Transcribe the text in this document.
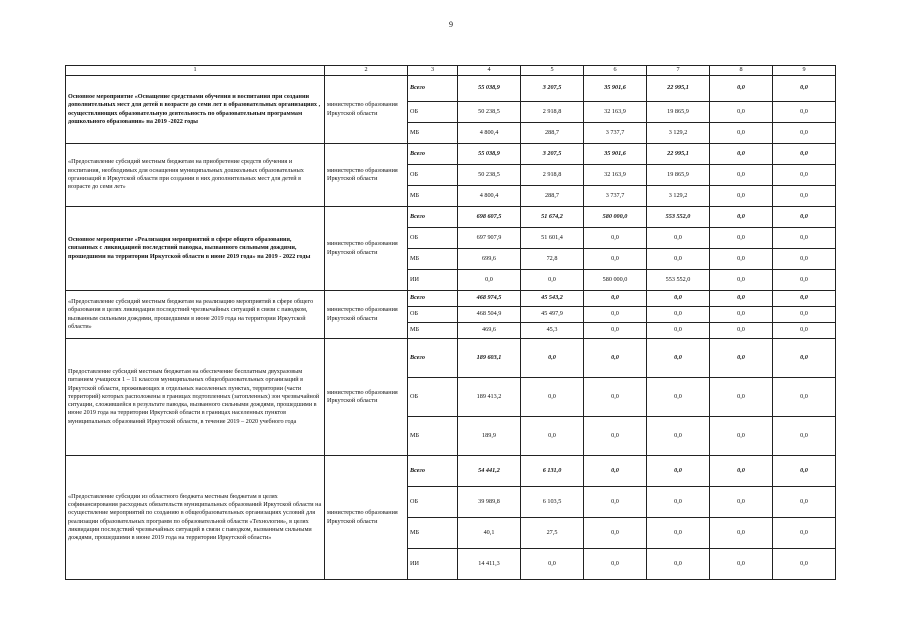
9
1	2	3	4	5	6	7	8	9
Основное мероприятие «Оснащение средствами обучения и воспитания при создании дополнительных мест для детей в возрасте до семи лет в образовательных организациях , осуществляющих образовательную деятельность по образовательным программам дошкольного образования» на 2019 -2022 годы	министерство образования Иркутской области	Всего	55 038,9	3 207,5	35 901,6	22 995,1	0,0	0,0
		ОБ	50 238,5	2 918,8	32 163,9	19 865,9	0,0	0,0
		МБ	4 800,4	288,7	3 737,7	3 129,2	0,0	0,0
«Предоставление субсидий местным бюджетам на приобретение средств обучения и воспитания, необходимых для оснащения муниципальных дошкольных образовательных организаций в Иркутской области при создании в них дополнительных мест для детей в возрасте до семи лет»	министерство образования Иркутской области	Всего	55 038,9	3 207,5	35 901,6	22 995,1	0,0	0,0
		ОБ	50 238,5	2 918,8	32 163,9	19 865,9	0,0	0,0
		МБ	4 800,4	288,7	3 737,7	3 129,2	0,0	0,0
Основное мероприятие «Реализация мероприятий в сфере общего образования, связанных с ликвидацией последствий паводка, вызванного сильными дождями, прошедшими на территории Иркутской области в июне 2019 года» на 2019 - 2022 годы	министерство образования Иркутской области	Всего	698 607,5	51 674,2	580 000,0	553 552,0	0,0	0,0
		ОБ	697 907,9	51 601,4	0,0	0,0	0,0	0,0
		МБ	699,6	72,8	0,0	0,0	0,0	0,0
		ИИ	0,0	0,0	580 000,0	553 552,0	0,0	0,0
«Предоставление субсидий местным бюджетам на реализацию мероприятий в сфере общего образования в целях ликвидации последствий чрезвычайных ситуаций в связи с паводком, вызванным сильными дождями, прошедшими в июне 2019 года на территории Иркутской области»	министерство образования Иркутской области	Всего	468 974,5	45 543,2	0,0	0,0	0,0	0,0
		ОБ	468 504,9	45 497,9	0,0	0,0	0,0	0,0
		МБ	469,6	45,3	0,0	0,0	0,0	0,0
Предоставление субсидий местным бюджетам на обеспечение бесплатным двухразовым питанием учащихся 1 – 11 классов муниципальных общеобразовательных организаций в Иркутской области, проживающих в отдельных населенных пунктах, территории (части территорий) которых расположены в границах подтопленных (затопленных) зон чрезвычайной ситуации, сложившейся в результате паводка, вызванного сильными дождями, прошедшими в июне 2019 года на территории Иркутской области в границах населенных пунктов муниципальных образований Иркутской области, в течение 2019 – 2020 учебного года	министерство образования Иркутской области	Всего	189 603,1	0,0	0,0	0,0	0,0	0,0
		ОБ	189 413,2	0,0	0,0	0,0	0,0	0,0
		МБ	189,9	0,0	0,0	0,0	0,0	0,0
«Предоставление субсидии из областного бюджета местным бюджетам в целях софинансирования расходных обязательств муниципальных образований Иркутской области на осуществление мероприятий по созданию в общеобразовательных организациях условий для реализации образовательных программ по образовательной области «Технология», в целях ликвидации последствий чрезвычайных ситуаций в связи с паводком, вызванным сильными дождями, прошедшими в июне 2019 года на территории Иркутской области»	министерство образования Иркутской области	Всего	54 441,2	6 131,0	0,0	0,0	0,0	0,0
		ОБ	39 989,8	6 103,5	0,0	0,0	0,0	0,0
		МБ	40,1	27,5	0,0	0,0	0,0	0,0
		ИИ	14 411,3	0,0	0,0	0,0	0,0	0,0
